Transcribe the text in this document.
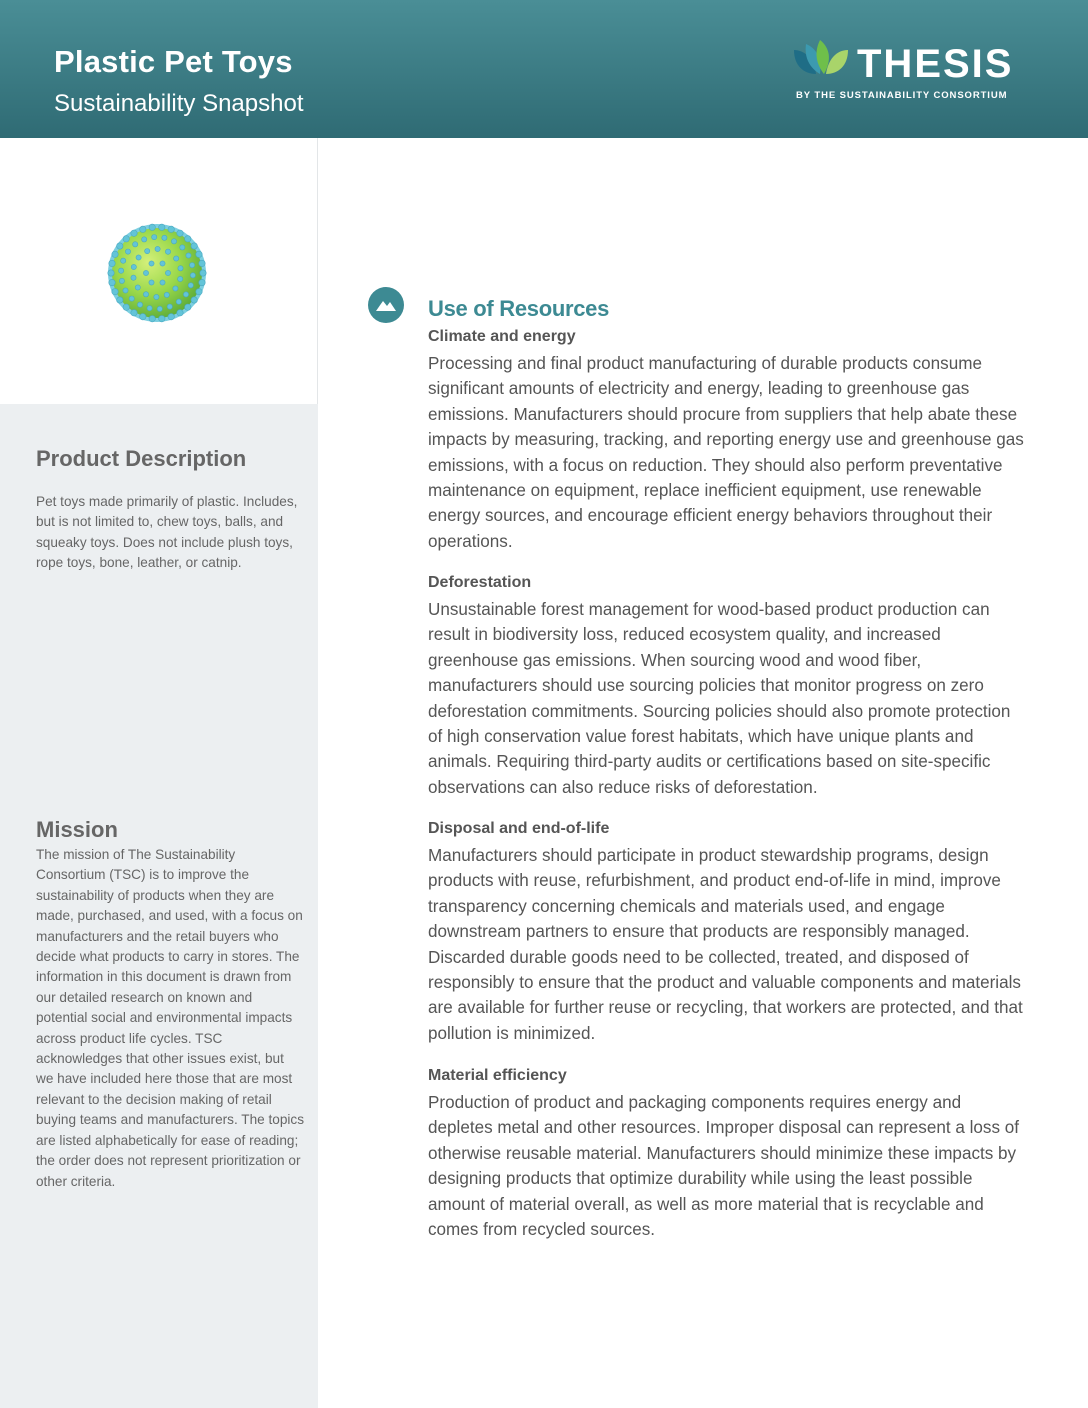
Plastic Pet Toys
Sustainability Snapshot
THESIS
BY THE SUSTAINABILITY CONSORTIUM
Product Description
Pet toys made primarily of plastic. Includes, but is not limited to, chew toys, balls, and squeaky toys. Does not include plush toys, rope toys, bone, leather, or catnip.
Mission
The mission of The Sustainability Consortium (TSC) is to improve the sustainability of products when they are made, purchased, and used, with a focus on manufacturers and the retail buyers who decide what products to carry in stores. The information in this document is drawn from our detailed research on known and potential social and environmental impacts across product life cycles. TSC acknowledges that other issues exist, but we have included here those that are most relevant to the decision making of retail buying teams and manufacturers. The topics are listed alphabetically for ease of reading; the order does not represent prioritization or other criteria.
Use of Resources
Climate and energy
Processing and final product manufacturing of durable products consume significant amounts of electricity and energy, leading to greenhouse gas emissions. Manufacturers should procure from suppliers that help abate these impacts by measuring, tracking, and reporting energy use and greenhouse gas emissions, with a focus on reduction. They should also perform preventative maintenance on equipment, replace inefficient equipment, use renewable energy sources, and encourage efficient energy behaviors throughout their operations.
Deforestation
Unsustainable forest management for wood-based product production can result in biodiversity loss, reduced ecosystem quality, and increased greenhouse gas emissions. When sourcing wood and wood fiber, manufacturers should use sourcing policies that monitor progress on zero deforestation commitments. Sourcing policies should also promote protection of high conservation value forest habitats, which have unique plants and animals. Requiring third-party audits or certifications based on site-specific observations can also reduce risks of deforestation.
Disposal and end-of-life
Manufacturers should participate in product stewardship programs, design products with reuse, refurbishment, and product end-of-life in mind, improve transparency concerning chemicals and materials used, and engage downstream partners to ensure that products are responsibly managed. Discarded durable goods need to be collected, treated, and disposed of responsibly to ensure that the product and valuable components and materials are available for further reuse or recycling, that workers are protected, and that pollution is minimized.
Material efficiency
Production of product and packaging components requires energy and depletes metal and other resources. Improper disposal can represent a loss of otherwise reusable material. Manufacturers should minimize these impacts by designing products that optimize durability while using the least possible amount of material overall, as well as more material that is recyclable and comes from recycled sources.
